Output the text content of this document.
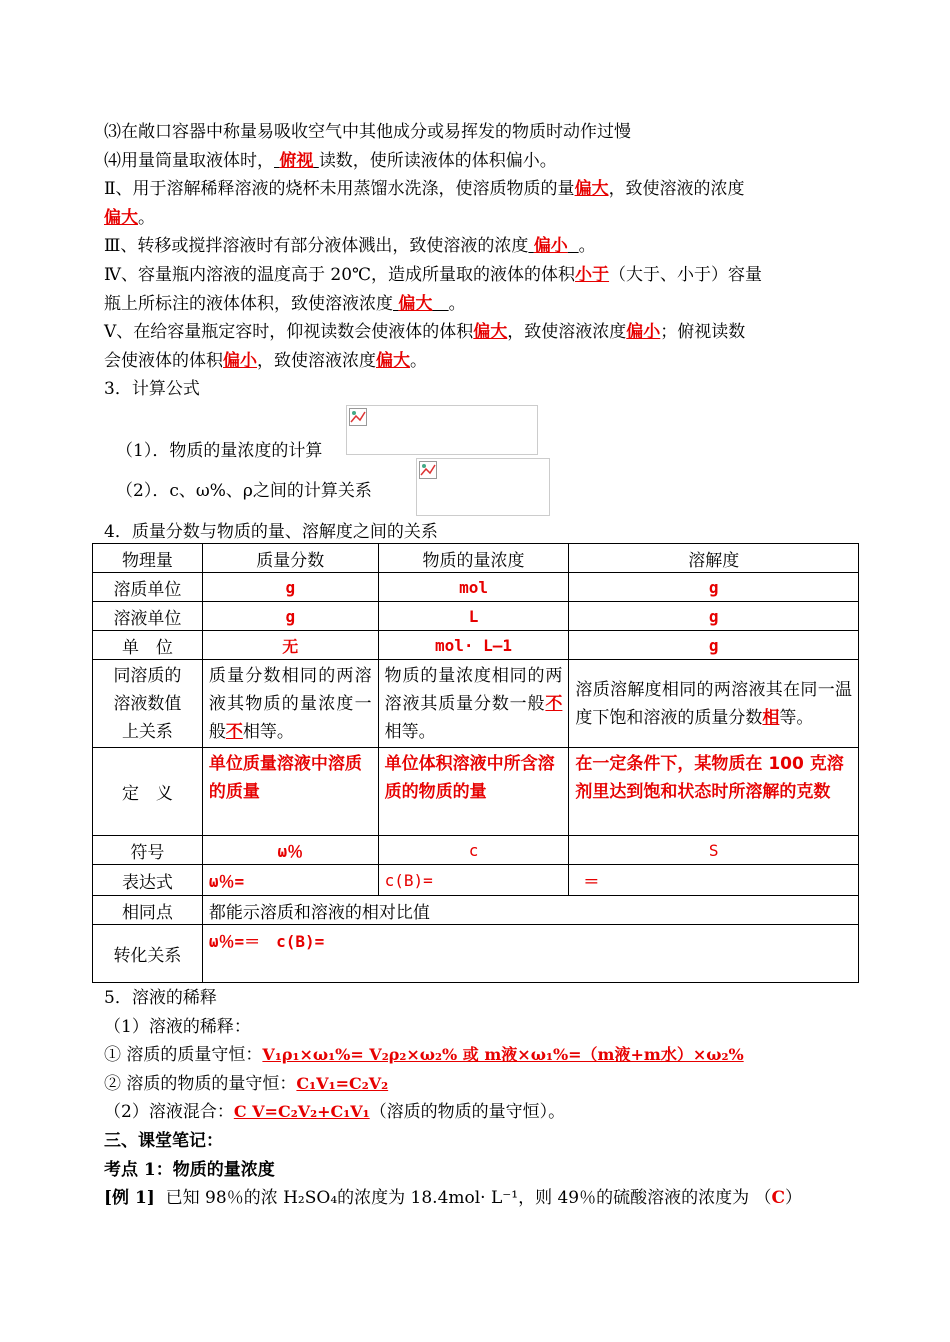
⑶在敞口容器中称量易吸收空气中其他成分或易挥发的物质时动作过慢
⑷用量筒量取液体时， 俯视 读数，使所读液体的体积偏小。
Ⅱ、用于溶解稀释溶液的烧杯未用蒸馏水洗涤，使溶质物质的量偏大，致使溶液的浓度
偏大。
Ⅲ、转移或搅拌溶液时有部分液体溅出，致使溶液的浓度 偏小 。
Ⅳ、容量瓶内溶液的温度高于 20℃，造成所量取的液体的体积小于（大于、小于）容量
瓶上所标注的液体体积，致使溶液浓度 偏大 。
Ⅴ、在给容量瓶定容时，仰视读数会使液体的体积偏大，致使溶液浓度偏小；俯视读数
会使液体的体积偏小，致使溶液浓度偏大。
3．计算公式
（1）．物质的量浓度的计算
（2）．c、ω%、ρ之间的计算关系
4．质量分数与物质的量、溶解度之间的关系
物理量	质量分数	物质的量浓度	溶解度
溶质单位	g	mol	g
溶液单位	g	L	g
单　位	无	mol· L—1	g

同溶质的
溶液数值
上关系	质量分数相同的两溶液其物质的量浓度一般不相等。	物质的量浓度相同的两溶液其质量分数一般不相等。	溶质溶解度相同的两溶液其在同一温度下饱和溶液的质量分数相等。
定　义	单位质量溶液中溶质的质量	单位体积溶液中所含溶质的物质的量	在一定条件下，某物质在 100 克溶剂里达到饱和状态时所溶解的克数
符号	ω％	c	S
表达式	ω％=	c(B)=	＝
相同点	都能示溶质和溶液的相对比值		
转化关系	ω％=＝　c(B)=		
5．溶液的稀释
（1）溶液的稀释：
① 溶质的质量守恒：V₁ρ₁×ω₁%= V₂ρ₂×ω₂% 或 m液×ω₁%=（m液+m水）×ω₂%
② 溶质的物质的量守恒：C₁V₁=C₂V₂
（2）溶液混合：C V=C₂V₂+C₁V₁（溶质的物质的量守恒）。
三、课堂笔记：
考点 1：物质的量浓度
[例 1] 已知 98％的浓 H₂SO₄的浓度为 18.4mol· L⁻¹，则 49％的硫酸溶液的浓度为 （C）
